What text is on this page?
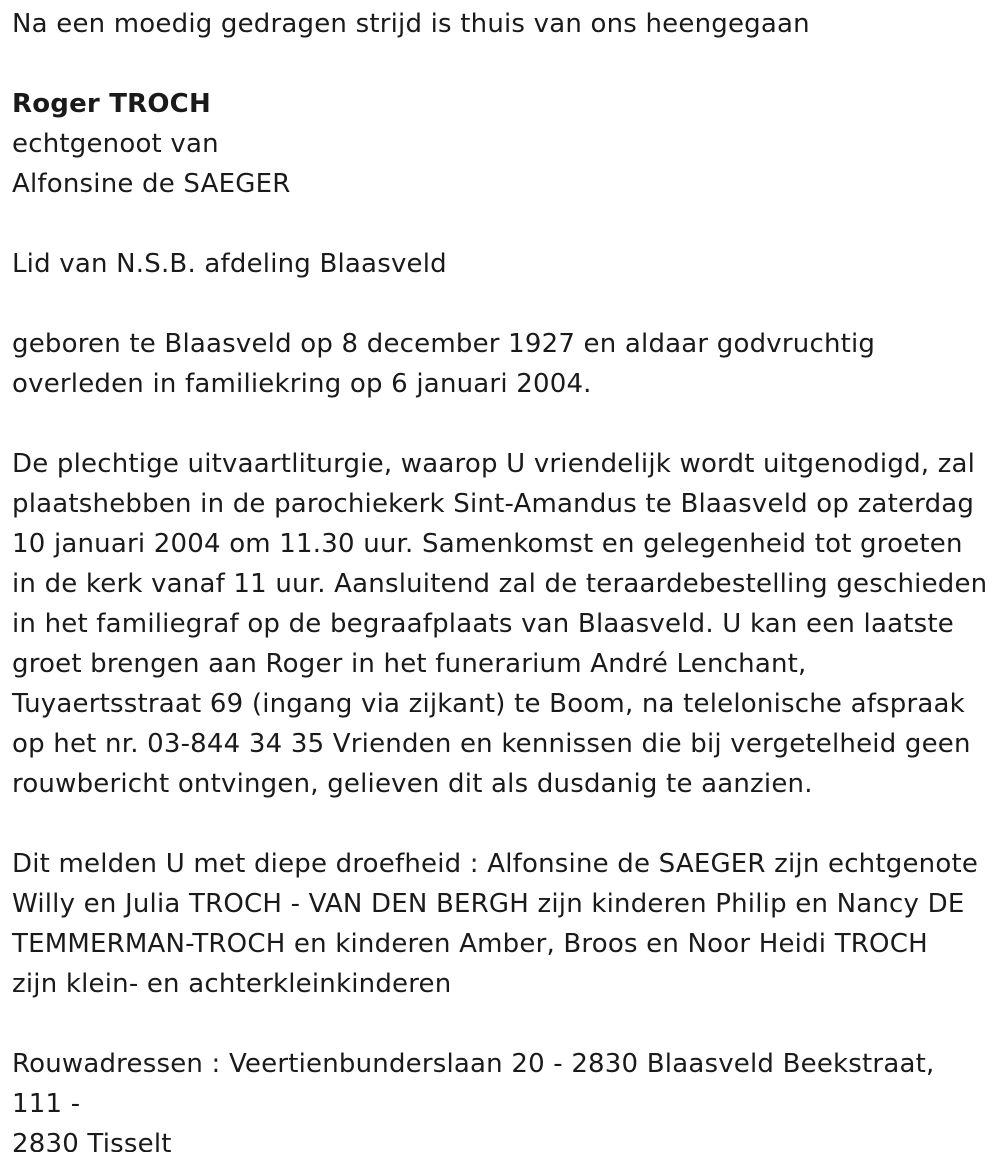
Na een moedig gedragen strijd is thuis van ons heengegaan

Roger TROCH

echtgenoot van

Alfonsine de SAEGER

Lid van N.S.B. afdeling Blaasveld

geboren te Blaasveld op 8 december 1927 en aldaar godvruchtig

overleden in familiekring op 6 januari 2004.

De plechtige uitvaartliturgie, waarop U vriendelijk wordt uitgenodigd, zal

plaatshebben in de parochiekerk Sint-Amandus te Blaasveld op zaterdag

10 januari 2004 om 11.30 uur. Samenkomst en gelegenheid tot groeten

in de kerk vanaf 11 uur. Aansluitend zal de teraardebestelling geschieden

in het familiegraf op de begraafplaats van Blaasveld. U kan een laatste

groet brengen aan Roger in het funerarium André Lenchant,

Tuyaertsstraat 69 (ingang via zijkant) te Boom, na telelonische afspraak

op het nr. 03-844 34 35 Vrienden en kennissen die bij vergetelheid geen

rouwbericht ontvingen, gelieven dit als dusdanig te aanzien.

Dit melden U met diepe droefheid : Alfonsine de SAEGER zijn echtgenote

Willy en Julia TROCH - VAN DEN BERGH zijn kinderen Philip en Nancy DE

TEMMERMAN-TROCH en kinderen Amber, Broos en Noor Heidi TROCH

zijn klein- en achterkleinkinderen

Rouwadressen : Veertienbunderslaan 20 - 2830 Blaasveld Beekstraat, 111 -

2830 Tisselt
